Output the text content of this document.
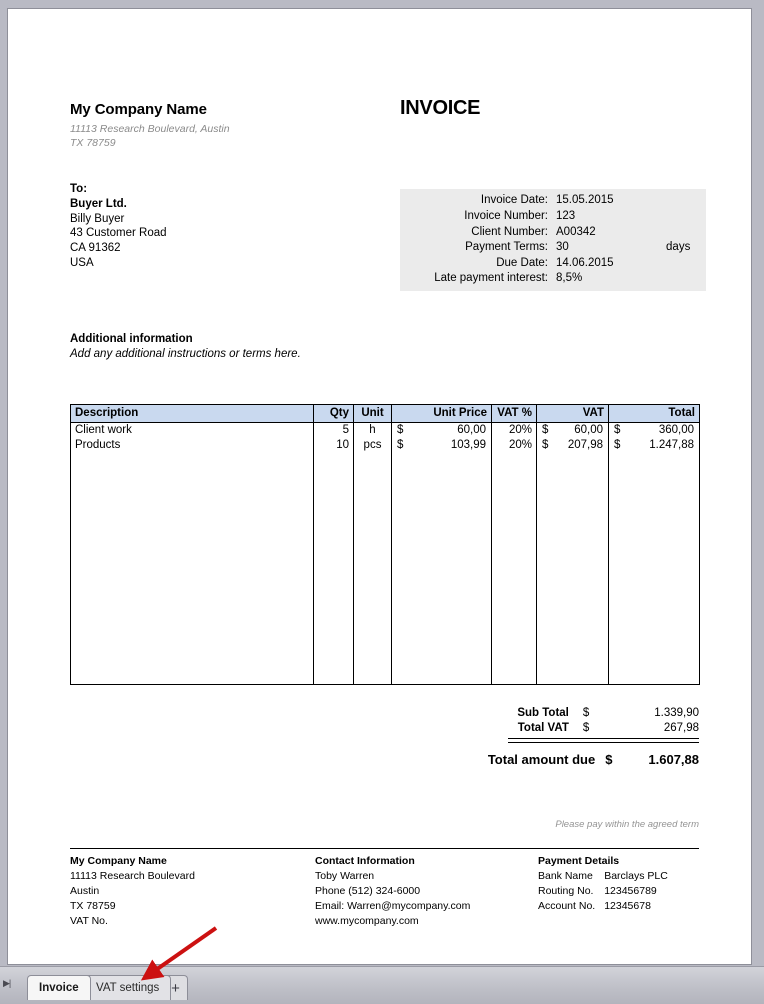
My Company Name
11113 Research Boulevard, Austin
TX 78759
INVOICE
To:
Buyer Ltd.
Billy Buyer
43 Customer Road
CA 91362
USA
Invoice Date:	15.05.2015	
Invoice Number:	123	
Client Number:	A00342	
Payment Terms:	30	days
Due Date:	14.06.2015	
Late payment interest:	8,5%	
Additional information
Add any additional instructions or terms here.
Description	Qty	Unit	Unit Price	VAT %	VAT	Total
Client work	5	h	$ 60,00	20%	$ 60,00	$ 360,00
Products	10	pcs	$ 103,99	20%	$ 207,98	$ 1.247,88

Sub Total	$	1.339,90
Total VAT	$	267,98
Total amount due	$	1.607,88
Please pay within the agreed term
My Company Name
11113 Research Boulevard
Austin
TX 78759
VAT No.
Contact Information
Toby Warren
Phone (512) 324-6000
Email: Warren@mycompany.com
www.mycompany.com
Payment Details
Bank Name	Barclays PLC
Routing No.	123456789
Account No.	12345678
▶| Invoice VAT settings +
